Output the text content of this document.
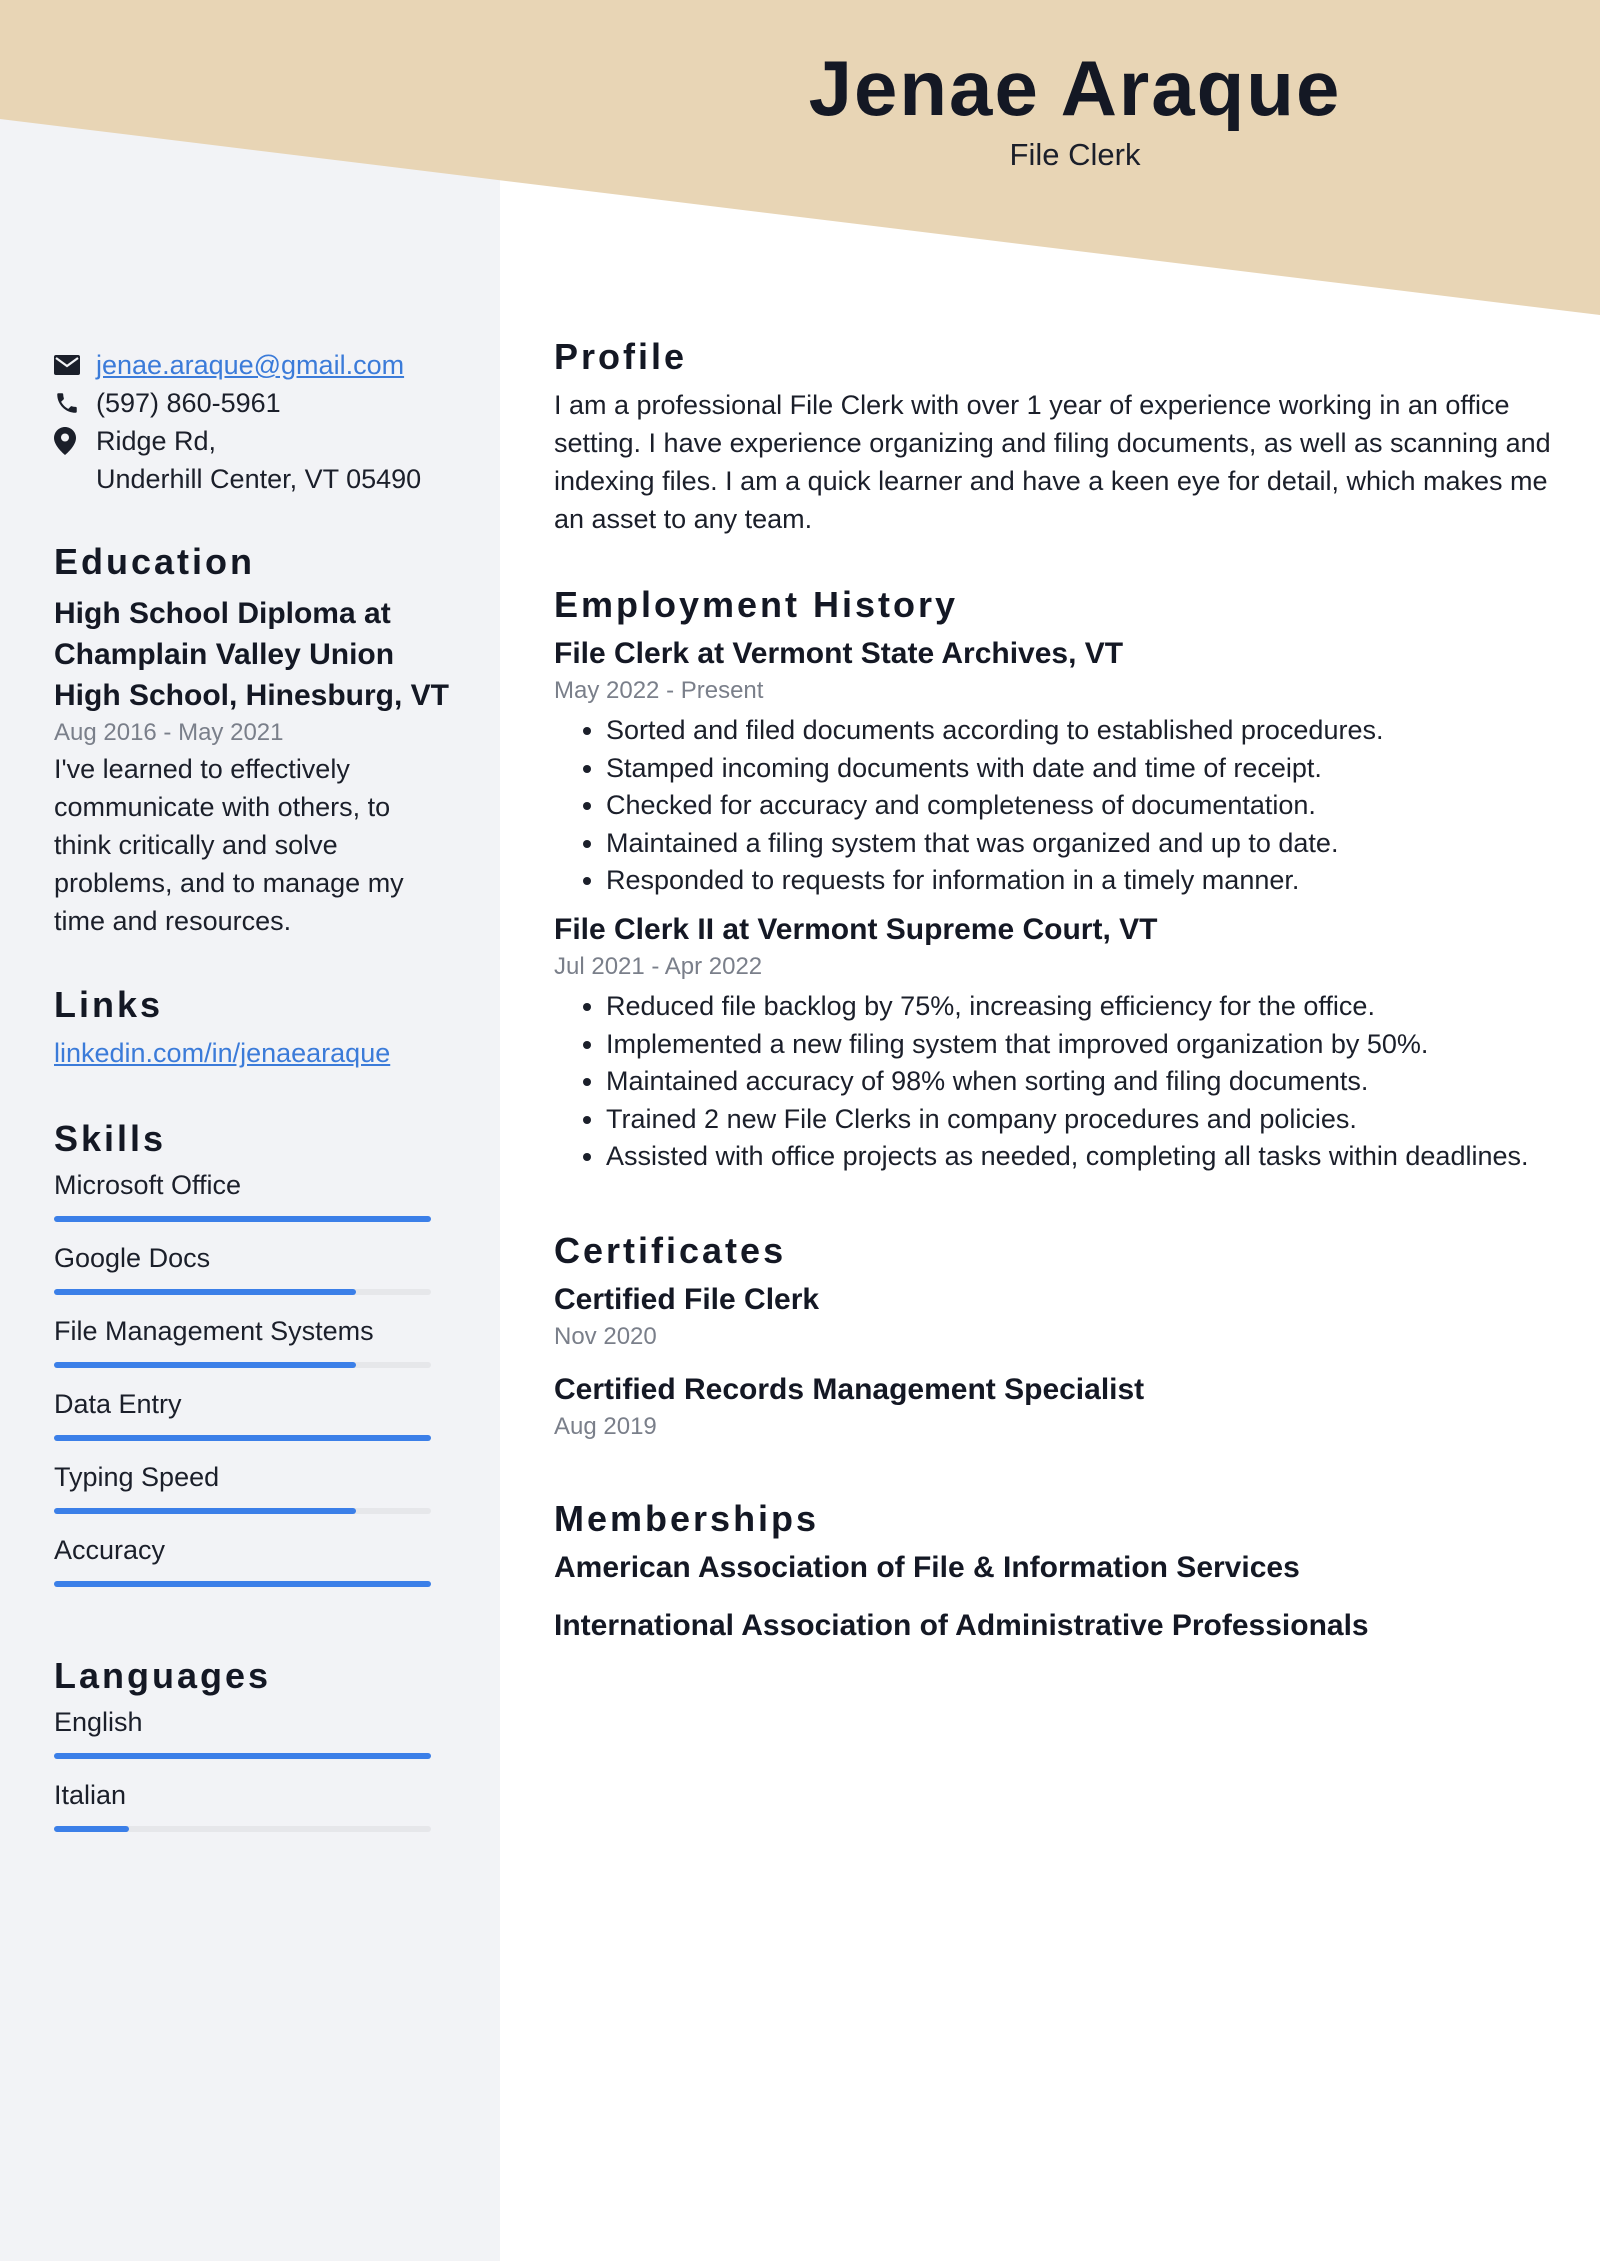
Jenae Araque
File Clerk
jenae.araque@gmail.com
(597) 860-5961
Ridge Rd,
Underhill Center, VT 05490
Education
High School Diploma at Champlain Valley Union High School, Hinesburg, VT
Aug 2016 - May 2021
I've learned to effectively communicate with others, to think critically and solve problems, and to manage my time and resources.
Links
linkedin.com/in/jenaearaque
Skills
Microsoft Office
Google Docs
File Management Systems
Data Entry
Typing Speed
Accuracy
Languages
English
Italian
Profile
I am a professional File Clerk with over 1 year of experience working in an office setting. I have experience organizing and filing documents, as well as scanning and indexing files. I am a quick learner and have a keen eye for detail, which makes me an asset to any team.
Employment History
File Clerk at Vermont State Archives, VT
May 2022 - Present
• Sorted and filed documents according to established procedures.
• Stamped incoming documents with date and time of receipt.
• Checked for accuracy and completeness of documentation.
• Maintained a filing system that was organized and up to date.
• Responded to requests for information in a timely manner.
File Clerk II at Vermont Supreme Court, VT
Jul 2021 - Apr 2022
• Reduced file backlog by 75%, increasing efficiency for the office.
• Implemented a new filing system that improved organization by 50%.
• Maintained accuracy of 98% when sorting and filing documents.
• Trained 2 new File Clerks in company procedures and policies.
• Assisted with office projects as needed, completing all tasks within deadlines.
Certificates
Certified File Clerk
Nov 2020
Certified Records Management Specialist
Aug 2019
Memberships
American Association of File & Information Services
International Association of Administrative Professionals
